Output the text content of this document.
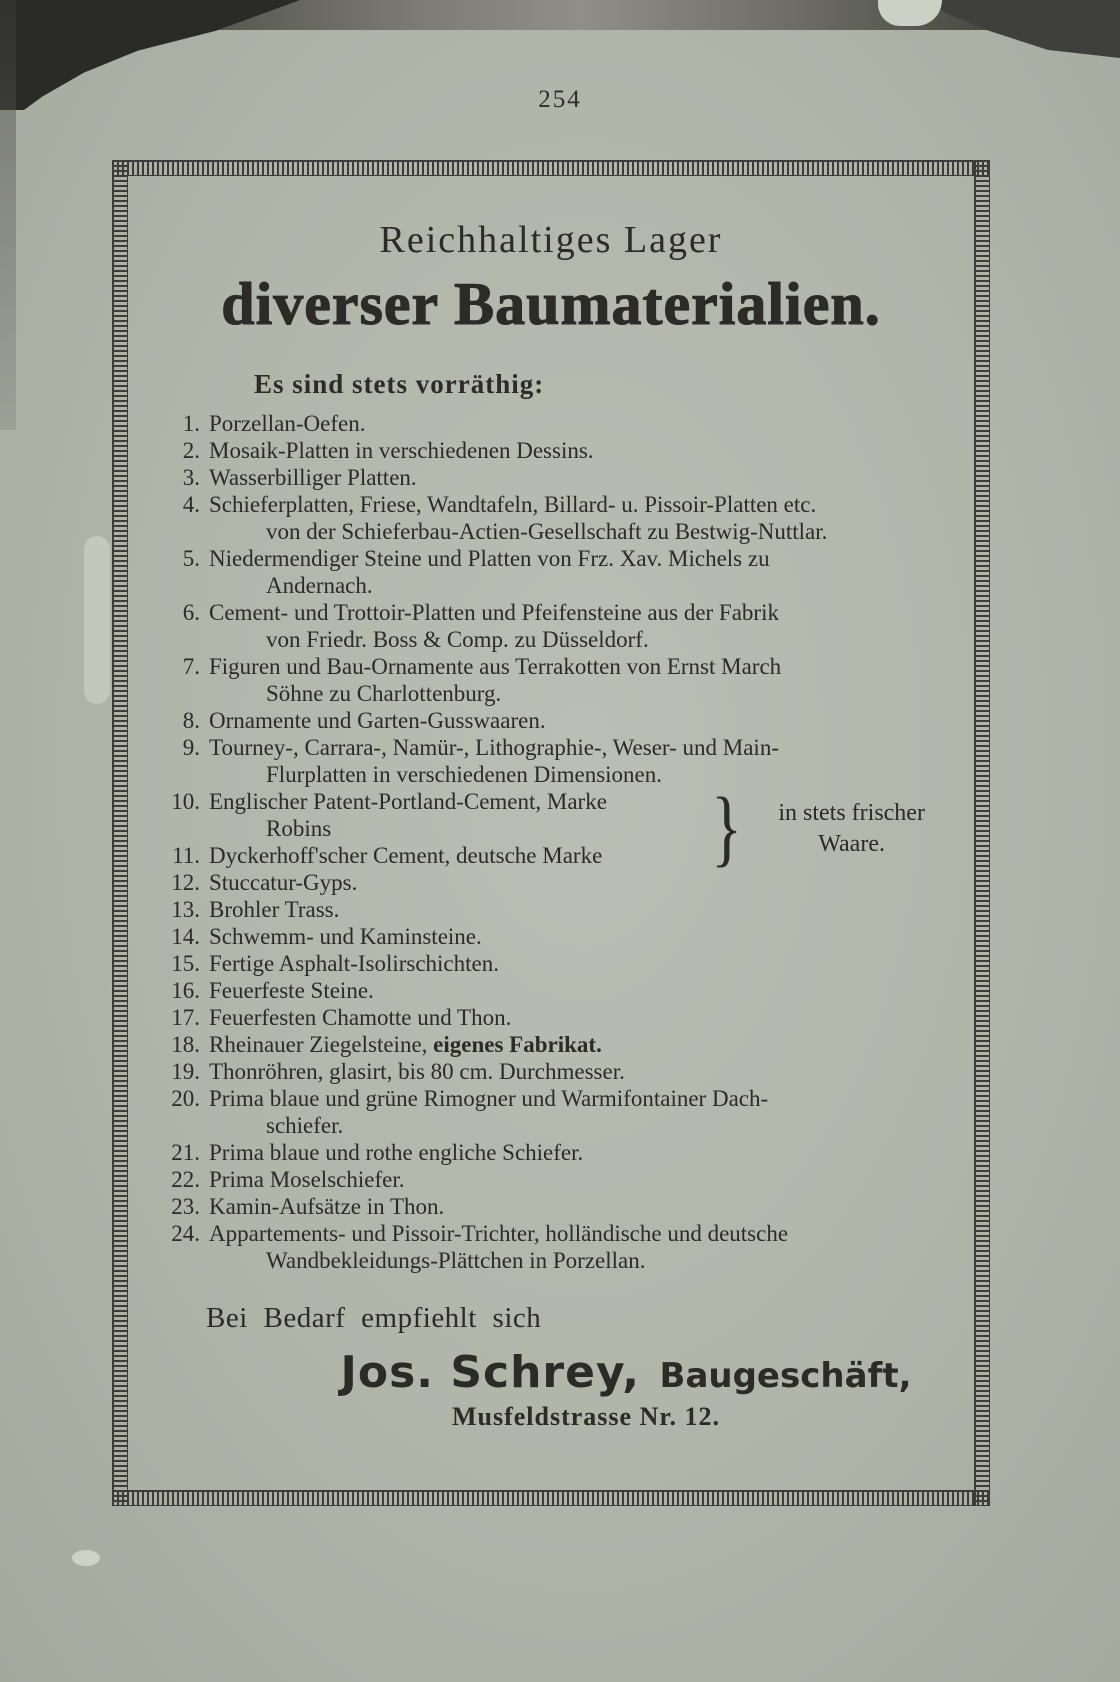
254
Reichhaltiges Lager
diverser Baumaterialien.
Es sind stets vorräthig:
1. Porzellan-Oefen.
2. Mosaik-Platten in verschiedenen Dessins.
3. Wasserbilliger Platten.
4. Schieferplatten, Friese, Wandtafeln, Billard- u. Pissoir-Platten etc.
von der Schieferbau-Actien-Gesellschaft zu Bestwig-Nuttlar.
5. Niedermendiger Steine und Platten von Frz. Xav. Michels zu
Andernach.
6. Cement- und Trottoir-Platten und Pfeifensteine aus der Fabrik
von Friedr. Boss & Comp. zu Düsseldorf.
7. Figuren und Bau-Ornamente aus Terrakotten von Ernst March
Söhne zu Charlottenburg.
8. Ornamente und Garten-Gusswaaren.
9. Tourney-, Carrara-, Namür-, Lithographie-, Weser- und Main-
Flurplatten in verschiedenen Dimensionen.
10. Englischer Patent-Portland-Cement, Marke
Robins
11. Dyckerhoff'scher Cement, deutsche Marke	}	in stets frischer
Waare.
12. Stuccatur-Gyps.
13. Brohler Trass.
14. Schwemm- und Kaminsteine.
15. Fertige Asphalt-Isolirschichten.
16. Feuerfeste Steine.
17. Feuerfesten Chamotte und Thon.
18. Rheinauer Ziegelsteine, eigenes Fabrikat.
19. Thonröhren, glasirt, bis 80 cm. Durchmesser.
20. Prima blaue und grüne Rimogner und Warmifontainer Dach-
schiefer.
21. Prima blaue und rothe engliche Schiefer.
22. Prima Moselschiefer.
23. Kamin-Aufsätze in Thon.
24. Appartements- und Pissoir-Trichter, holländische und deutsche
Wandbekleidungs-Plättchen in Porzellan.
Bei Bedarf empfiehlt sich
Jos. Schrey, Baugeschäft,
Musfeldstrasse Nr. 12.
